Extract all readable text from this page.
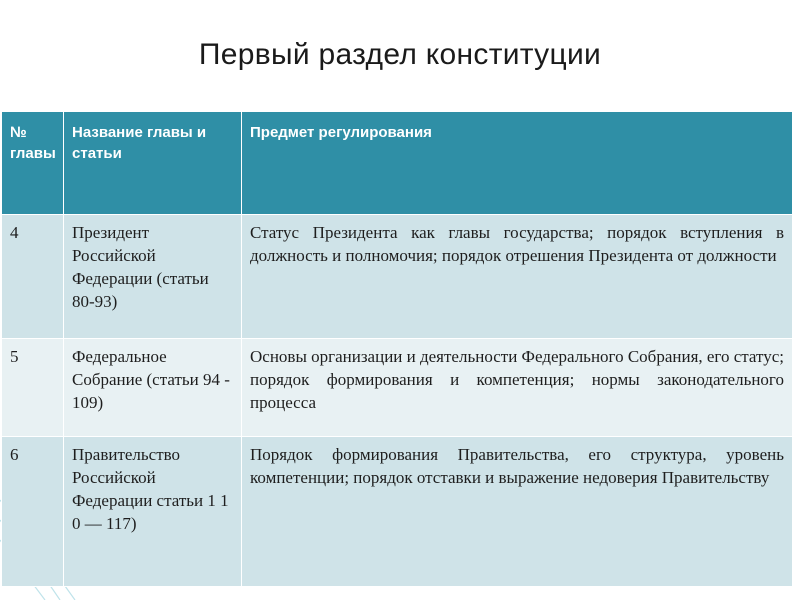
Первый раздел конституции
№ главы	Название главы и статьи	Предмет регулирования
4	Президент Российской Федерации (статьи 80-93)	Статус Президента как главы государства; порядок вступления в должность и полномочия; порядок отрешения Президента от должности
5	Федеральное Собрание (статьи 94 - 109)	Основы организации и деятельности Федерального Собрания, его статус; порядок формирования и компетенция; нормы законодательного процесса
6	Правительство Российской Федерации статьи 1 1 0 — 117)	Порядок формирования Правительства, его структура, уровень компетенции; порядок отставки и выражение недоверия Правительству
